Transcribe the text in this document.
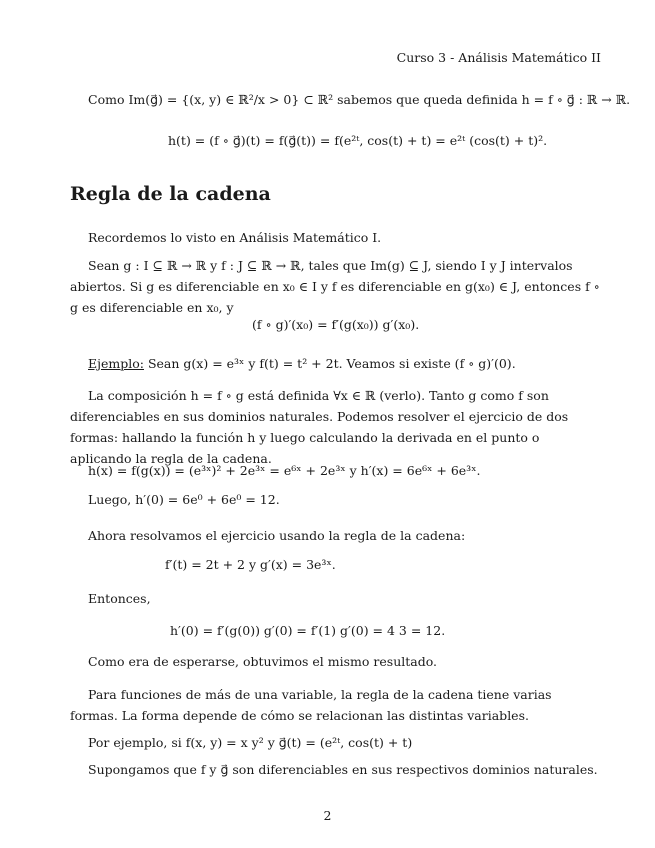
Curso 3 - Análisis Matemático II

Como Im(g⃗) = {(x, y) ∈ ℝ²/x > 0} ⊂ ℝ² sabemos que queda definida h = f ∘ g⃗ : ℝ → ℝ.

h(t) = (f ∘ g⃗)(t) = f(g⃗(t)) = f(e²ᵗ, cos(t) + t) = e²ᵗ (cos(t) + t)².

Regla de la cadena

Recordemos lo visto en Análisis Matemático I.

Sean g : I ⊆ ℝ → ℝ y f : J ⊆ ℝ → ℝ, tales que Im(g) ⊆ J, siendo I y J intervalos abiertos. Si g es diferenciable en x₀ ∈ I y f es diferenciable en g(x₀) ∈ J, entonces f ∘ g es diferenciable en x₀, y

(f ∘ g)′(x₀) = f′(g(x₀)) g′(x₀).

Ejemplo: Sean g(x) = e³ˣ y f(t) = t² + 2t. Veamos si existe (f ∘ g)′(0).

La composición h = f ∘ g está definida ∀x ∈ ℝ (verlo). Tanto g como f son diferenciables en sus dominios naturales. Podemos resolver el ejercicio de dos formas: hallando la función h y luego calculando la derivada en el punto o aplicando la regla de la cadena.

h(x) = f(g(x)) = (e³ˣ)² + 2e³ˣ = e⁶ˣ + 2e³ˣ y h′(x) = 6e⁶ˣ + 6e³ˣ.

Luego, h′(0) = 6e⁰ + 6e⁰ = 12.

Ahora resolvamos el ejercicio usando la regla de la cadena:

f′(t) = 2t + 2 y g′(x) = 3e³ˣ.

Entonces,

h′(0) = f′(g(0)) g′(0) = f′(1) g′(0) = 4 3 = 12.

Como era de esperarse, obtuvimos el mismo resultado.

Para funciones de más de una variable, la regla de la cadena tiene varias formas. La forma depende de cómo se relacionan las distintas variables.

Por ejemplo, si f(x, y) = x y² y g⃗(t) = (e²ᵗ, cos(t) + t)

Supongamos que f y g⃗ son diferenciables en sus respectivos dominios naturales.

2
